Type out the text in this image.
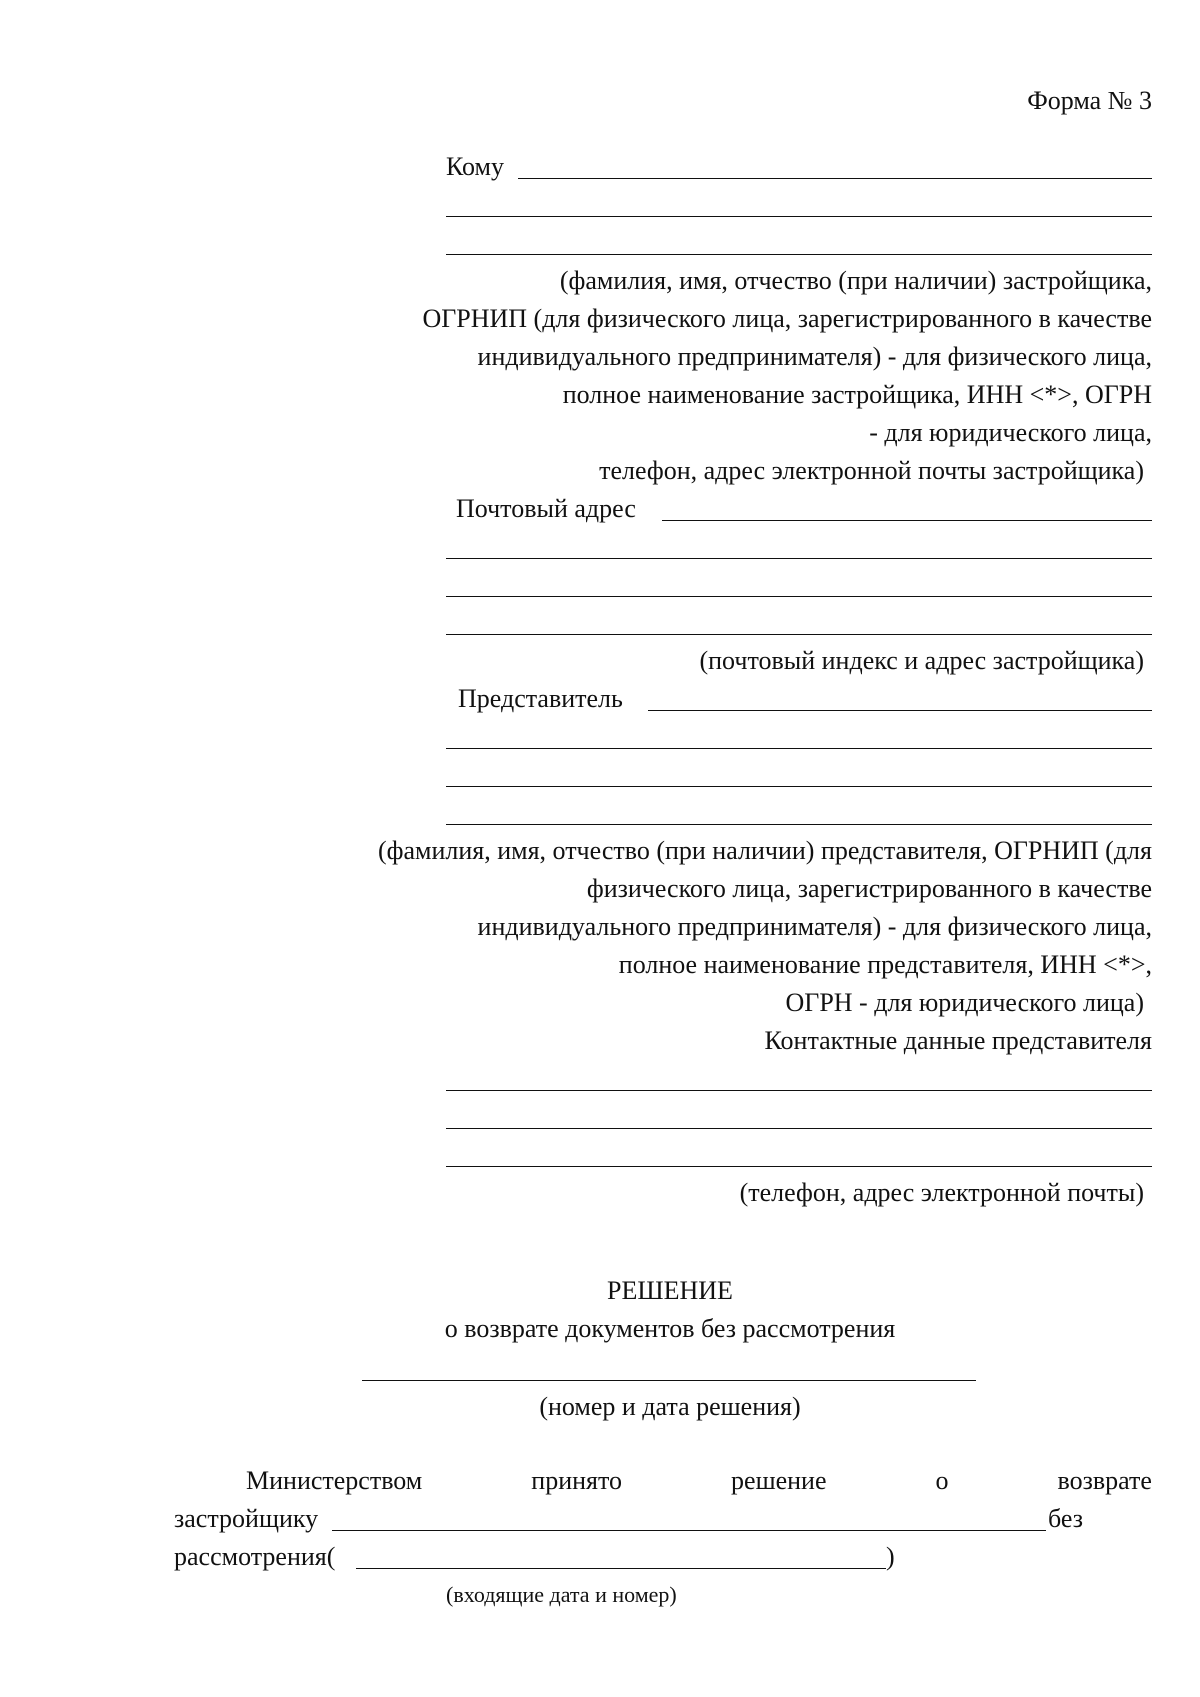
Форма № 3
Кому
(фамилия, имя, отчество (при наличии) застройщика,
ОГРНИП (для физического лица, зарегистрированного в качестве
индивидуального предпринимателя) - для физического лица,
полное наименование застройщика, ИНН <*>, ОГРН
- для юридического лица,
телефон, адрес электронной почты застройщика)
Почтовый адрес
(почтовый индекс и адрес застройщика)
Представитель
(фамилия, имя, отчество (при наличии) представителя, ОГРНИП (для
физического лица, зарегистрированного в качестве
индивидуального предпринимателя) - для физического лица,
полное наименование представителя, ИНН <*>,
ОГРН - для юридического лица)
Контактные данные представителя
(телефон, адрес электронной почты)
РЕШЕНИЕ
о возврате документов без рассмотрения
(номер и дата решения)
Министерством	принято	решение	о	возврате
застройщику	без
рассмотрения(	)
(входящие дата и номер)
